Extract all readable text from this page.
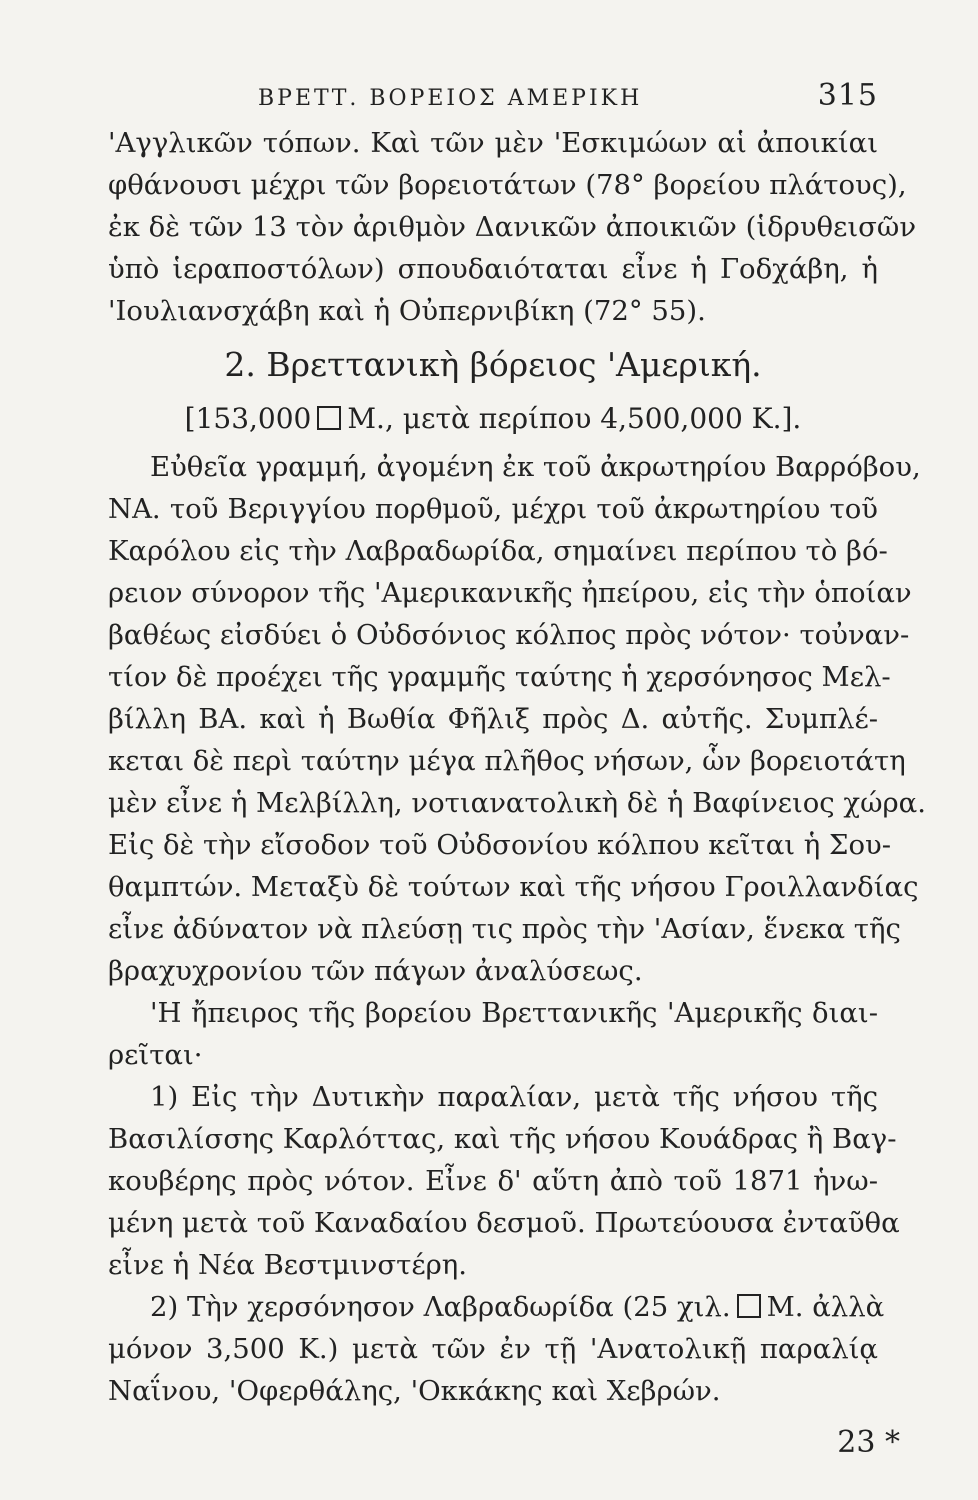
ΒΡΕΤΤ. ΒΟΡΕΙΟΣ ΑΜΕΡΙΚΗ	315
'Αγγλικῶν τόπων. Καὶ τῶν μὲν 'Εσκιμώων αἱ ἀποικίαι
φθάνουσι μέχρι τῶν βορειοτάτων (78° βορείου πλάτους),
ἐκ δὲ τῶν 13 τὸν ἀριθμὸν Δανικῶν ἀποικιῶν (ἱδρυθεισῶν
ὑπὸ ἱεραποστόλων) σπουδαιόταται εἶνε ἡ Γοδχάβη, ἡ
'Ιουλιανσχάβη καὶ ἡ Οὐπερνιβίκη (72° 55).
2. Βρεττανικὴ βόρειος 'Αμερική.
[153,000 Μ., μετὰ περίπου 4,500,000 Κ.].
Εὐθεῖα γραμμή, ἀγομένη ἐκ τοῦ ἀκρωτηρίου Βαρρόβου,
ΝΑ. τοῦ Βεριγγίου πορθμοῦ, μέχρι τοῦ ἀκρωτηρίου τοῦ
Καρόλου εἰς τὴν Λαβραδωρίδα, σημαίνει περίπου τὸ βό-
ρειον σύνορον τῆς 'Αμερικανικῆς ἠπείρου, εἰς τὴν ὁποίαν
βαθέως εἰσδύει ὁ Οὐδσόνιος κόλπος πρὸς νότον· τοὐναν-
τίον δὲ προέχει τῆς γραμμῆς ταύτης ἡ χερσόνησος Μελ-
βίλλη ΒΑ. καὶ ἡ Βωθία Φῆλιξ πρὸς Δ. αὐτῆς. Συμπλέ-
κεται δὲ περὶ ταύτην μέγα πλῆθος νήσων, ὧν βορειοτάτη
μὲν εἶνε ἡ Μελβίλλη, νοτιανατολικὴ δὲ ἡ Βαφίνειος χώρα.
Εἰς δὲ τὴν εἴσοδον τοῦ Οὐδσονίου κόλπου κεῖται ἡ Σου-
θαμπτών. Μεταξὺ δὲ τούτων καὶ τῆς νήσου Γροιλλανδίας
εἶνε ἀδύνατον νὰ πλεύσῃ τις πρὸς τὴν 'Ασίαν, ἕνεκα τῆς
βραχυχρονίου τῶν πάγων ἀναλύσεως.
'Η ἤπειρος τῆς βορείου Βρεττανικῆς 'Αμερικῆς διαι-
ρεῖται·
1) Εἰς τὴν Δυτικὴν παραλίαν, μετὰ τῆς νήσου τῆς
Βασιλίσσης Καρλόττας, καὶ τῆς νήσου Κουάδρας ἢ Βαγ-
κουβέρης πρὸς νότον. Εἶνε δ' αὕτη ἀπὸ τοῦ 1871 ἡνω-
μένη μετὰ τοῦ Καναδαίου δεσμοῦ. Πρωτεύουσα ἐνταῦθα
εἶνε ἡ Νέα Βεστμινστέρη.
2) Τὴν χερσόνησον Λαβραδωρίδα (25 χιλ. Μ. ἀλλὰ
μόνον 3,500 Κ.) μετὰ τῶν ἐν τῇ 'Ανατολικῇ παραλίᾳ
Ναΐνου, 'Οφερθάλης, 'Οκκάκης καὶ Χεβρών.
23 *
